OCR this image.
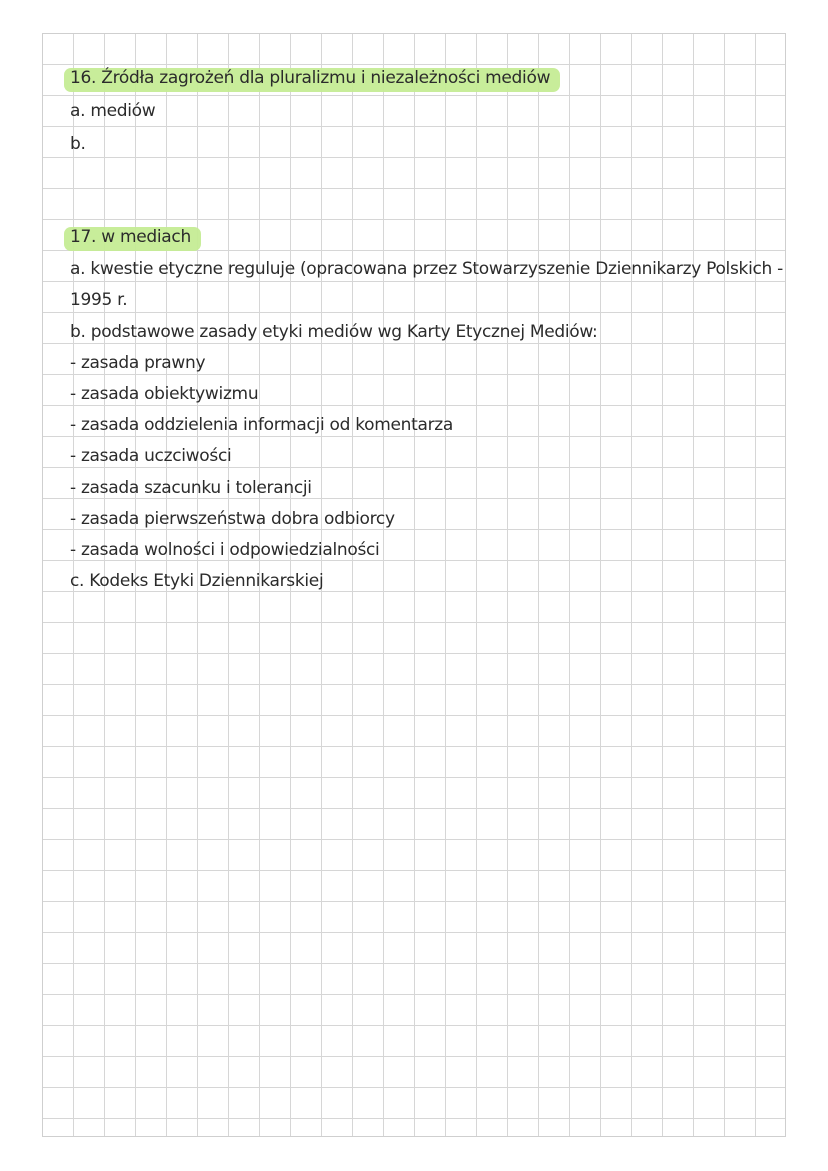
16. Źródła zagrożeń dla pluralizmu i niezależności mediów
a. mediów
b.
17. w mediach
a. kwestie etyczne reguluje (opracowana przez Stowarzyszenie Dziennikarzy Polskich -
1995 r.
b. podstawowe zasady etyki mediów wg Karty Etycznej Mediów:
- zasada prawny
- zasada obiektywizmu
- zasada oddzielenia informacji od komentarza
- zasada uczciwości
- zasada szacunku i tolerancji
- zasada pierwszeństwa dobra odbiorcy
- zasada wolności i odpowiedzialności
c. Kodeks Etyki Dziennikarskiej
